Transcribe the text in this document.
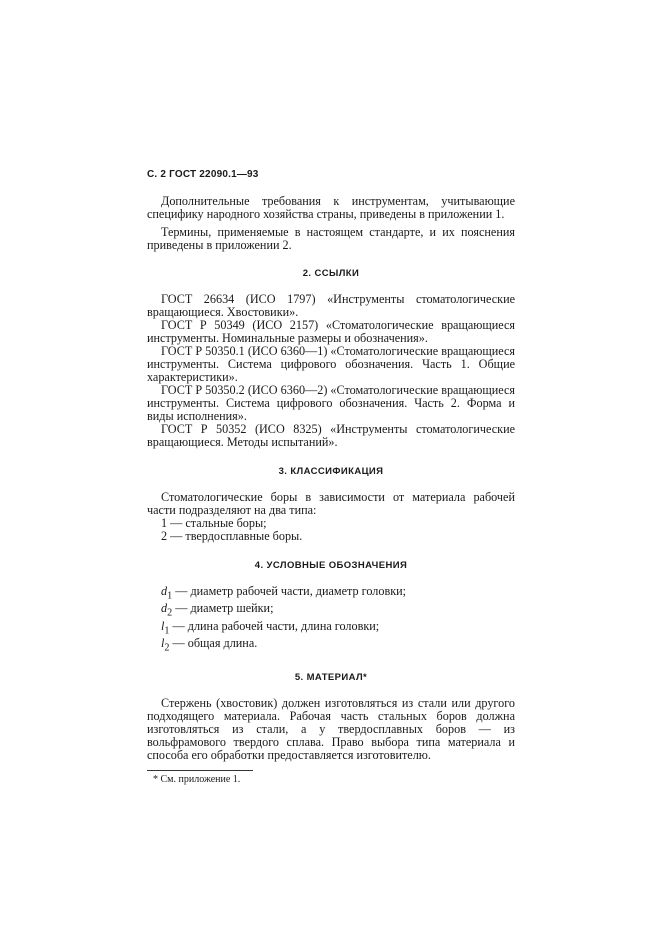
С. 2 ГОСТ 22090.1—93

Дополнительные требования к инструментам, учитывающие специфику народного хозяйства страны, приведены в приложении 1.

Термины, применяемые в настоящем стандарте, и их пояснения приведены в приложении 2.

2. ССЫЛКИ

ГОСТ 26634 (ИСО 1797) «Инструменты стоматологические вращающиеся. Хвостовики».

ГОСТ Р 50349 (ИСО 2157) «Стоматологические вращающиеся инструменты. Номинальные размеры и обозначения».

ГОСТ Р 50350.1 (ИСО 6360—1) «Стоматологические вращающиеся инструменты. Система цифрового обозначения. Часть 1. Общие характеристики».

ГОСТ Р 50350.2 (ИСО 6360—2) «Стоматологические вращающиеся инструменты. Система цифрового обозначения. Часть 2. Форма и виды исполнения».

ГОСТ Р 50352 (ИСО 8325) «Инструменты стоматологические вращающиеся. Методы испытаний».

3. КЛАССИФИКАЦИЯ

Стоматологические боры в зависимости от материала рабочей части подразделяют на два типа:

1 — стальные боры;

2 — твердосплавные боры.

4. УСЛОВНЫЕ ОБОЗНАЧЕНИЯ

$d_1$ — диаметр рабочей части, диаметр головки;

$d_2$ — диаметр шейки;

$l_1$ — длина рабочей части, длина головки;

$l_2$ — общая длина.

5. МАТЕРИАЛ*

Стержень (хвостовик) должен изготовляться из стали или другого подходящего материала. Рабочая часть стальных боров должна изготовляться из стали, а у твердосплавных боров — из вольфрамового твердого сплава. Право выбора типа материала и способа его обработки предоставляется изготовителю.

* См. приложение 1.
